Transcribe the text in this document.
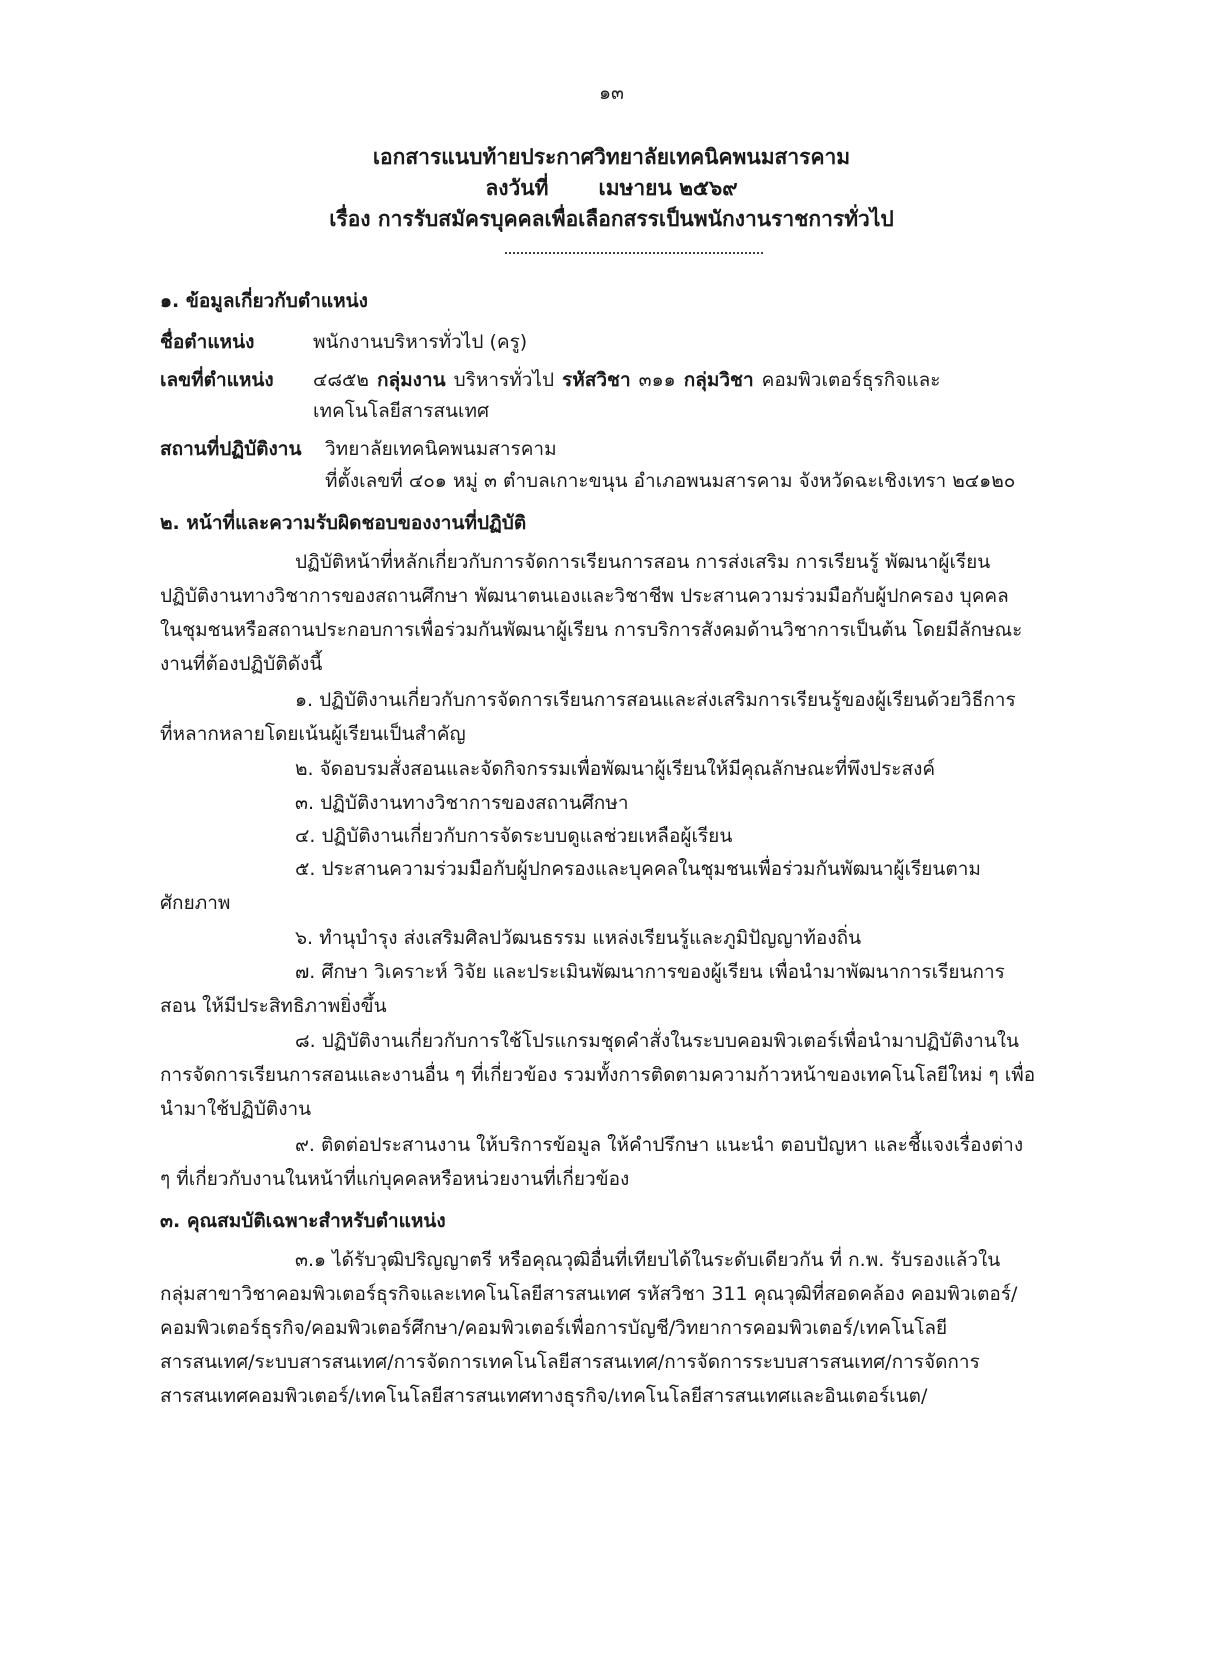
๑๓
เอกสารแนบท้ายประกาศวิทยาลัยเทคนิคพนมสารคาม
ลงวันที่ เมษายน ๒๕๖๙
เรื่อง การรับสมัครบุคคลเพื่อเลือกสรรเป็นพนักงานราชการทั่วไป
๑. ข้อมูลเกี่ยวกับตำแหน่ง
ชื่อตำแหน่ง	พนักงานบริหารทั่วไป (ครู)
เลขที่ตำแหน่ง ๔๘๕๒ กลุ่มงาน บริหารทั่วไป รหัสวิชา ๓๑๑ กลุ่มวิชา คอมพิวเตอร์ธุรกิจและ
เทคโนโลยีสารสนเทศ
สถานที่ปฏิบัติงาน วิทยาลัยเทคนิคพนมสารคาม
ที่ตั้งเลขที่ ๔๐๑ หมู่ ๓ ตำบลเกาะขนุน อำเภอพนมสารคาม จังหวัดฉะเชิงเทรา ๒๔๑๒๐
๒. หน้าที่และความรับผิดชอบของงานที่ปฏิบัติ
ปฏิบัติหน้าที่หลักเกี่ยวกับการจัดการเรียนการสอน การส่งเสริม การเรียนรู้ พัฒนาผู้เรียน
ปฏิบัติงานทางวิชาการของสถานศึกษา พัฒนาตนเองและวิชาชีพ ประสานความร่วมมือกับผู้ปกครอง บุคคล
ในชุมชนหรือสถานประกอบการเพื่อร่วมกันพัฒนาผู้เรียน การบริการสังคมด้านวิชาการเป็นต้น โดยมีลักษณะ
งานที่ต้องปฏิบัติดังนี้
๑. ปฏิบัติงานเกี่ยวกับการจัดการเรียนการสอนและส่งเสริมการเรียนรู้ของผู้เรียนด้วยวิธีการ
ที่หลากหลายโดยเน้นผู้เรียนเป็นสำคัญ
๒. จัดอบรมสั่งสอนและจัดกิจกรรมเพื่อพัฒนาผู้เรียนให้มีคุณลักษณะที่พึงประสงค์
๓. ปฏิบัติงานทางวิชาการของสถานศึกษา
๔. ปฏิบัติงานเกี่ยวกับการจัดระบบดูแลช่วยเหลือผู้เรียน
๕. ประสานความร่วมมือกับผู้ปกครองและบุคคลในชุมชนเพื่อร่วมกันพัฒนาผู้เรียนตาม
ศักยภาพ
๖. ทำนุบำรุง ส่งเสริมศิลปวัฒนธรรม แหล่งเรียนรู้และภูมิปัญญาท้องถิ่น
๗. ศึกษา วิเคราะห์ วิจัย และประเมินพัฒนาการของผู้เรียน เพื่อนำมาพัฒนาการเรียนการ
สอน ให้มีประสิทธิภาพยิ่งขึ้น
๘. ปฏิบัติงานเกี่ยวกับการใช้โปรแกรมชุดคำสั่งในระบบคอมพิวเตอร์เพื่อนำมาปฏิบัติงานใน
การจัดการเรียนการสอนและงานอื่น ๆ ที่เกี่ยวข้อง รวมทั้งการติดตามความก้าวหน้าของเทคโนโลยีใหม่ ๆ เพื่อ
นำมาใช้ปฏิบัติงาน
๙. ติดต่อประสานงาน ให้บริการข้อมูล ให้คำปรึกษา แนะนำ ตอบปัญหา และชี้แจงเรื่องต่าง
ๆ ที่เกี่ยวกับงานในหน้าที่แก่บุคคลหรือหน่วยงานที่เกี่ยวข้อง
๓. คุณสมบัติเฉพาะสำหรับตำแหน่ง
๓.๑ ได้รับวุฒิปริญญาตรี หรือคุณวุฒิอื่นที่เทียบได้ในระดับเดียวกัน ที่ ก.พ. รับรองแล้วใน
กลุ่มสาขาวิชาคอมพิวเตอร์ธุรกิจและเทคโนโลยีสารสนเทศ รหัสวิชา 311 คุณวุฒิที่สอดคล้อง คอมพิวเตอร์/
คอมพิวเตอร์ธุรกิจ/คอมพิวเตอร์ศึกษา/คอมพิวเตอร์เพื่อการบัญชี/วิทยาการคอมพิวเตอร์/เทคโนโลยี
สารสนเทศ/ระบบสารสนเทศ/การจัดการเทคโนโลยีสารสนเทศ/การจัดการระบบสารสนเทศ/การจัดการ
สารสนเทศคอมพิวเตอร์/เทคโนโลยีสารสนเทศทางธุรกิจ/เทคโนโลยีสารสนเทศและอินเตอร์เนต/
